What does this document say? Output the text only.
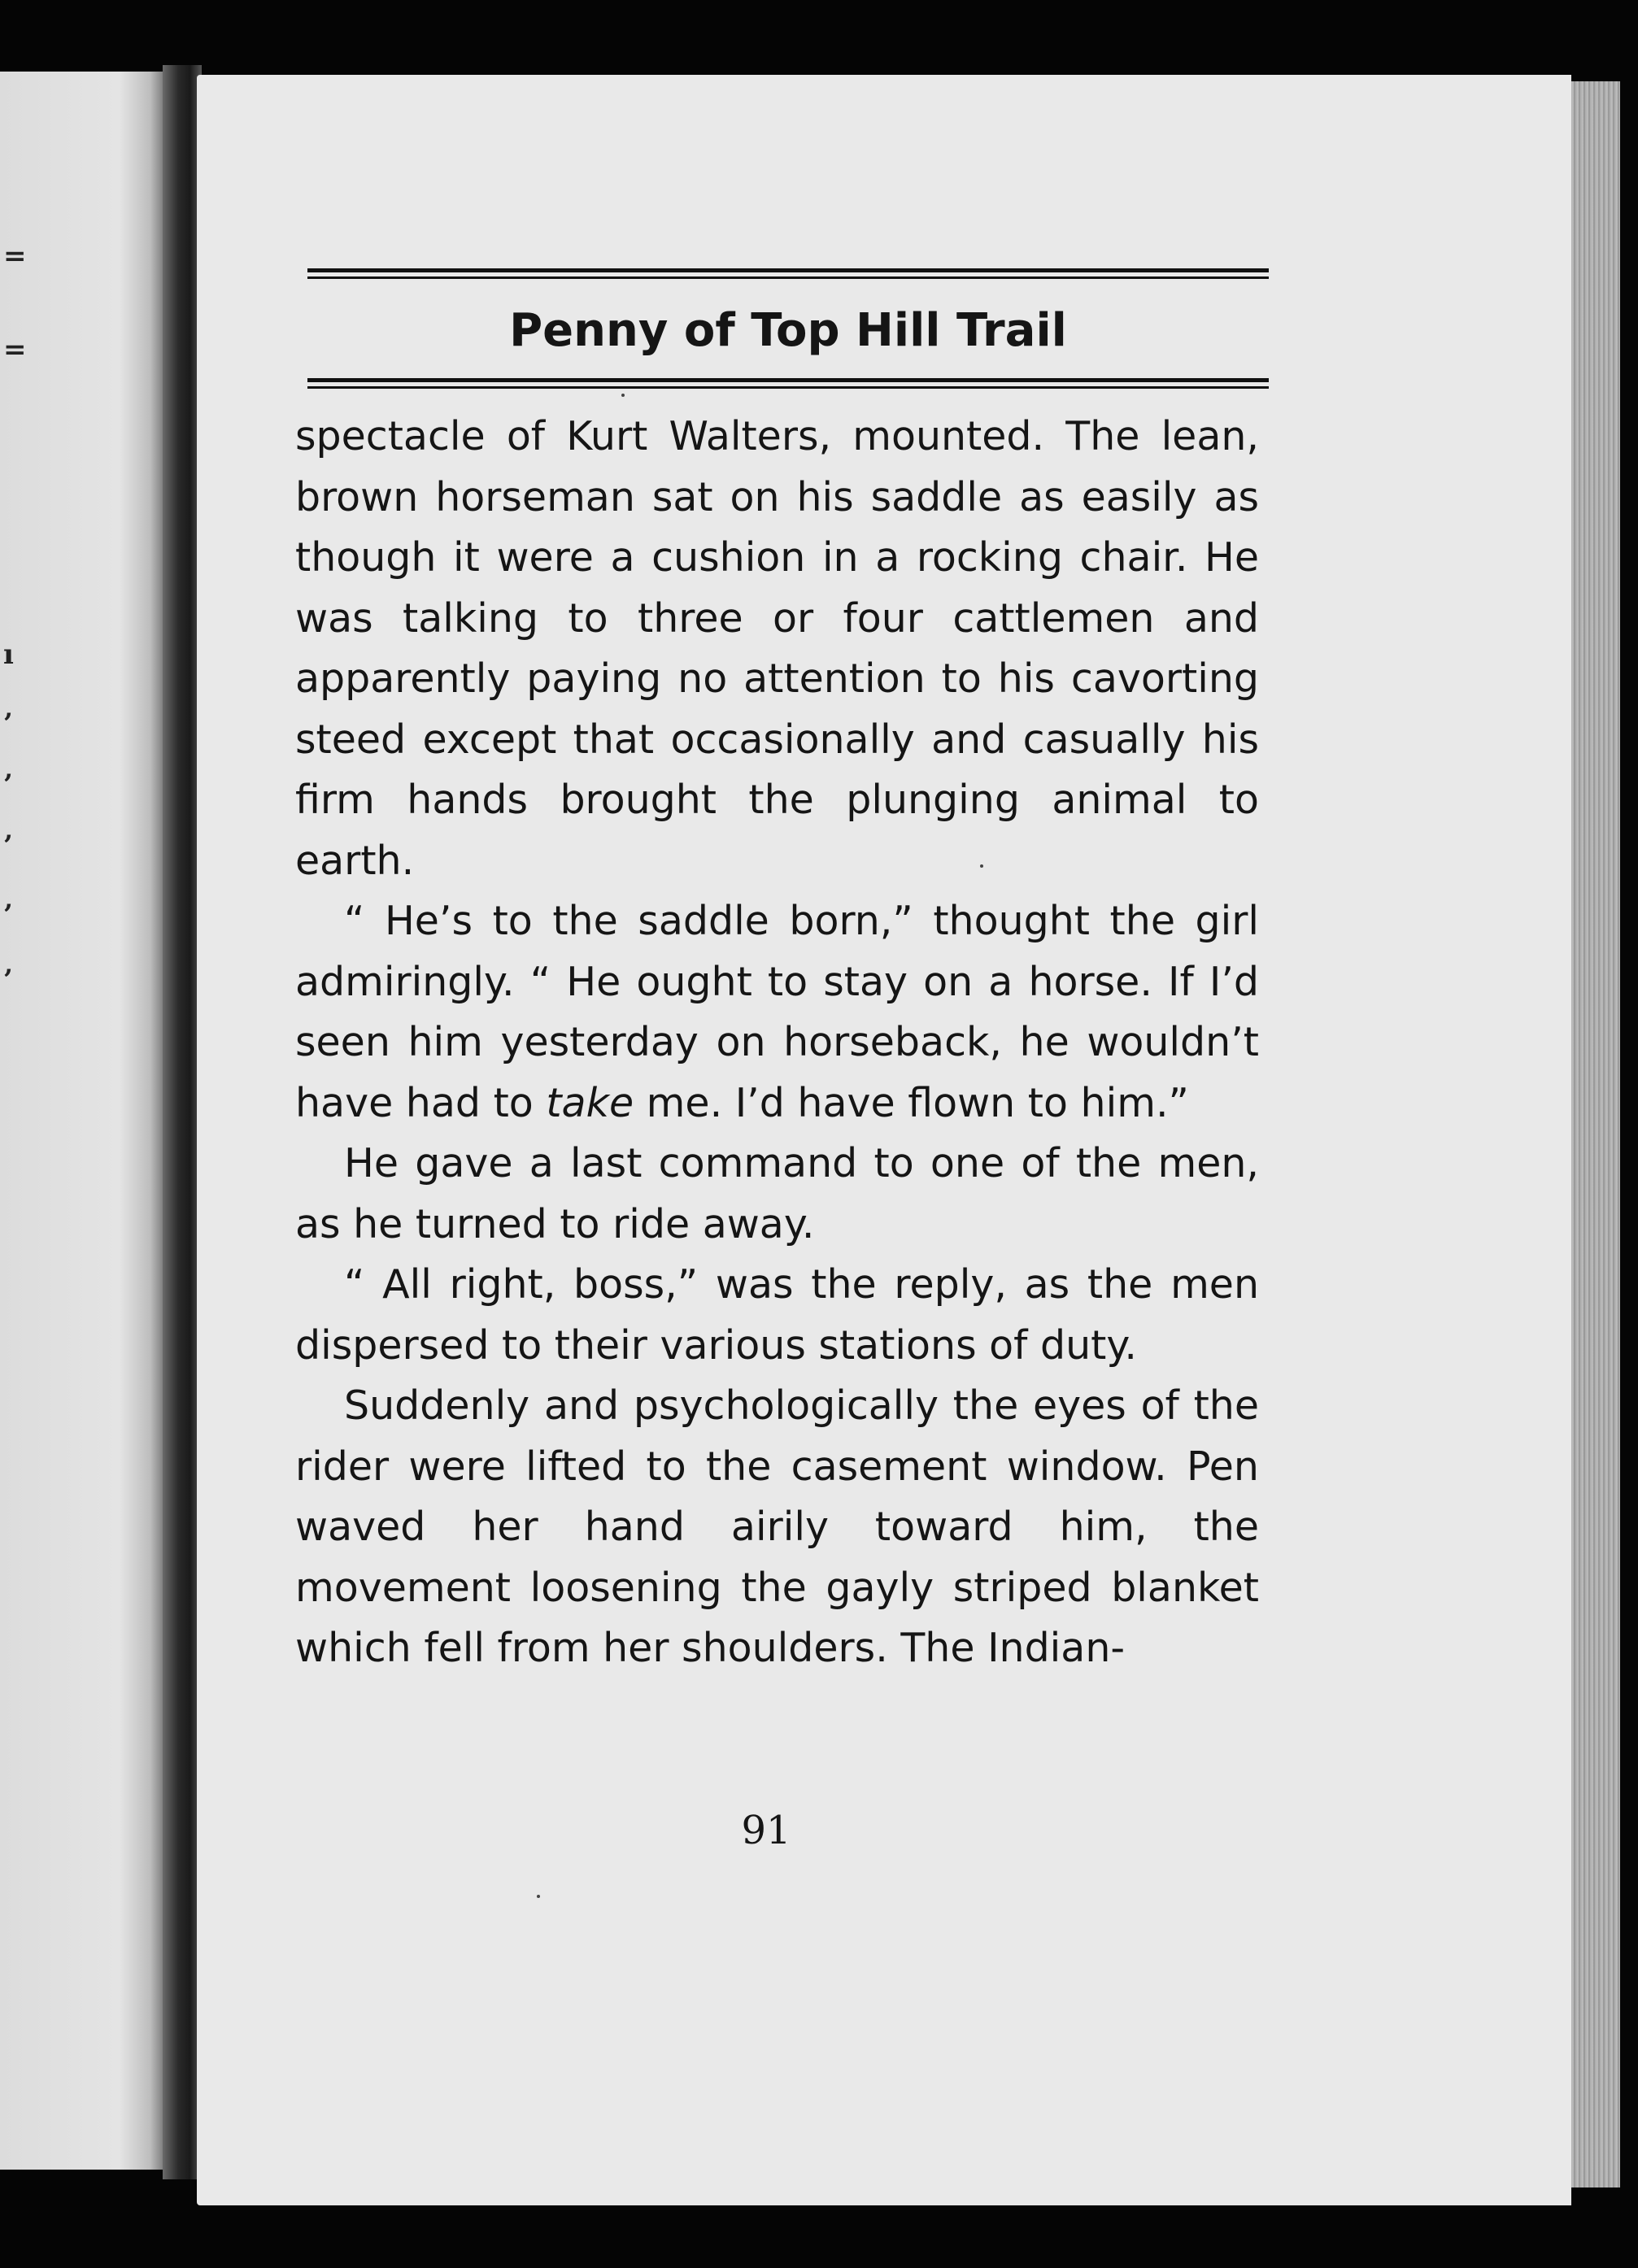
=
=
ı
’
’
’
’
’
Penny of Top Hill Trail

spectacle of Kurt Walters, mounted. The lean, brown horseman sat on his saddle as easily as though it were a cushion in a rocking chair. He was talking to three or four cattlemen and apparently paying no attention to his cavorting steed except that occasionally and casually his firm hands brought the plunging animal to earth.

“ He’s to the saddle born,” thought the girl admiringly. “ He ought to stay on a horse. If I’d seen him yesterday on horseback, he wouldn’t have had to take me. I’d have flown to him.”

He gave a last command to one of the men, as he turned to ride away.

“ All right, boss,” was the reply, as the men dispersed to their various stations of duty.

Suddenly and psychologically the eyes of the rider were lifted to the casement window. Pen waved her hand airily toward him, the movement loosening the gayly striped blanket which fell from her shoulders. The Indian-

91
